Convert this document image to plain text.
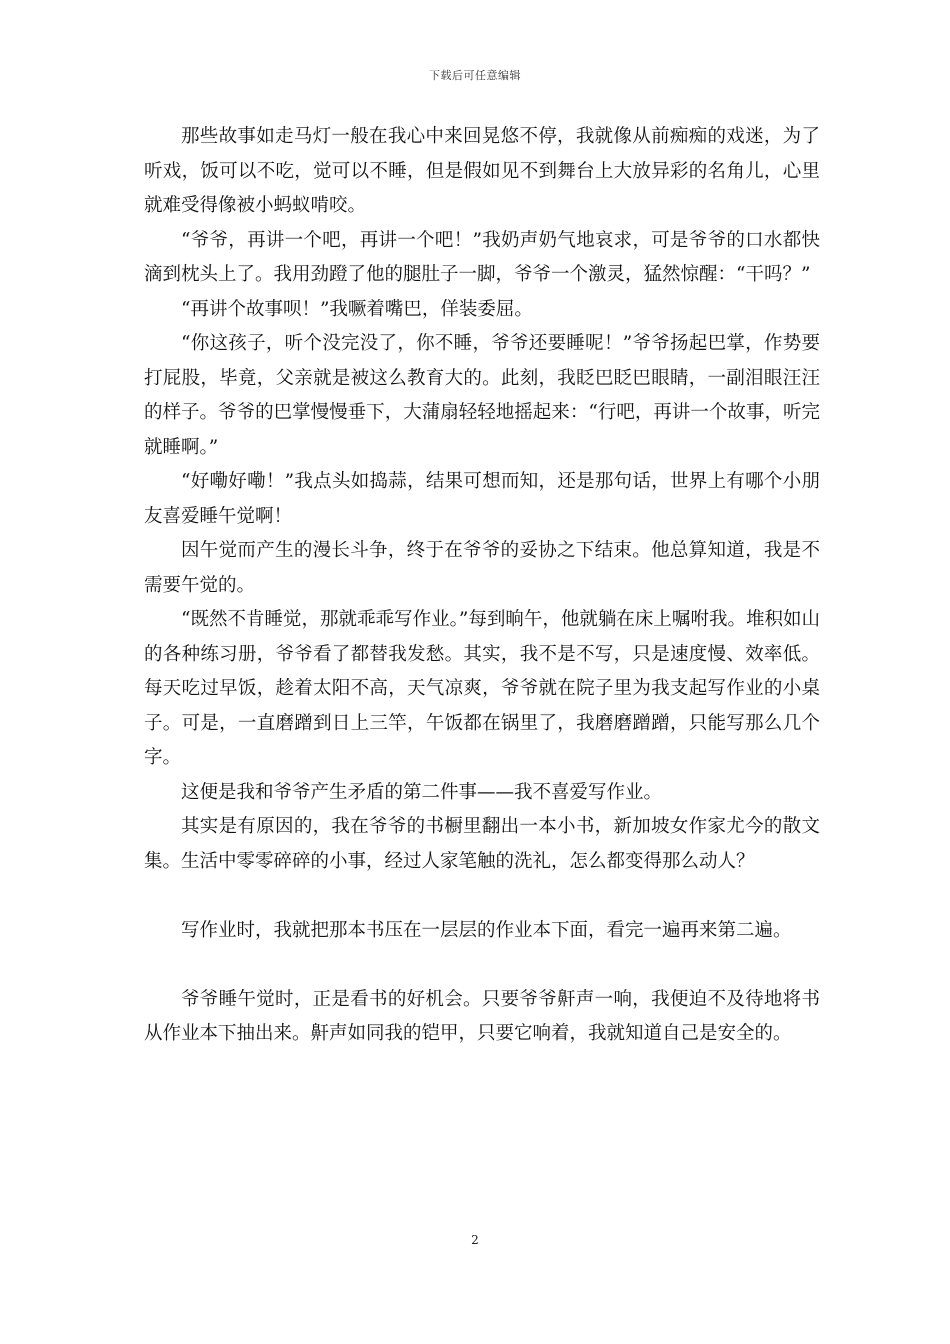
下载后可任意编辑

那些故事如走马灯一般在我心中来回晃悠不停，我就像从前痴痴的戏迷，为了听戏，饭可以不吃，觉可以不睡，但是假如见不到舞台上大放异彩的名角儿，心里就难受得像被小蚂蚁啃咬。

“爷爷，再讲一个吧，再讲一个吧！”我奶声奶气地哀求，可是爷爷的口水都快滴到枕头上了。我用劲蹬了他的腿肚子一脚，爷爷一个激灵，猛然惊醒：“干吗？”

“再讲个故事呗！”我噘着嘴巴，佯装委屈。

“你这孩子，听个没完没了，你不睡，爷爷还要睡呢！”爷爷扬起巴掌，作势要打屁股，毕竟，父亲就是被这么教育大的。此刻，我眨巴眨巴眼睛，一副泪眼汪汪的样子。爷爷的巴掌慢慢垂下，大蒲扇轻轻地摇起来：“行吧，再讲一个故事，听完就睡啊。”

“好嘞好嘞！”我点头如捣蒜，结果可想而知，还是那句话，世界上有哪个小朋友喜爱睡午觉啊！

因午觉而产生的漫长斗争，终于在爷爷的妥协之下结束。他总算知道，我是不需要午觉的。

“既然不肯睡觉，那就乖乖写作业。”每到晌午，他就躺在床上嘱咐我。堆积如山的各种练习册，爷爷看了都替我发愁。其实，我不是不写，只是速度慢、效率低。每天吃过早饭，趁着太阳不高，天气凉爽，爷爷就在院子里为我支起写作业的小桌子。可是，一直磨蹭到日上三竿，午饭都在锅里了，我磨磨蹭蹭，只能写那么几个字。

这便是我和爷爷产生矛盾的第二件事——我不喜爱写作业。

其实是有原因的，我在爷爷的书橱里翻出一本小书，新加坡女作家尤今的散文集。生活中零零碎碎的小事，经过人家笔触的洗礼，怎么都变得那么动人？

写作业时，我就把那本书压在一层层的作业本下面，看完一遍再来第二遍。

爷爷睡午觉时，正是看书的好机会。只要爷爷鼾声一响，我便迫不及待地将书从作业本下抽出来。鼾声如同我的铠甲，只要它响着，我就知道自己是安全的。

2
